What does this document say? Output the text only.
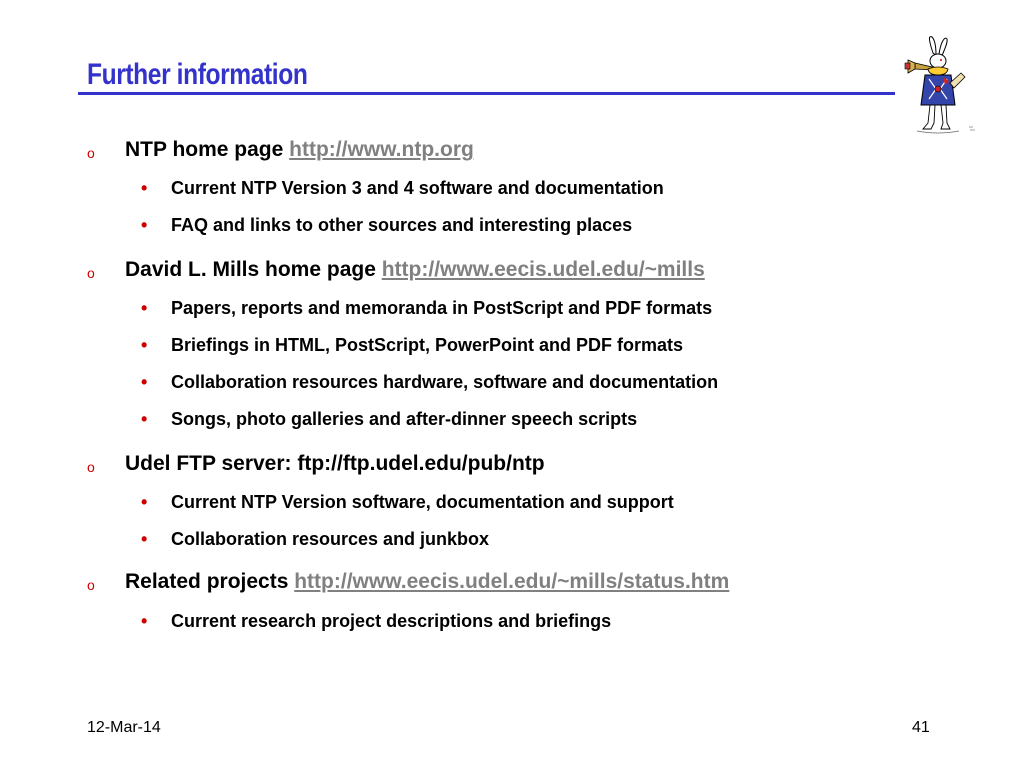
Further information
o NTP home page http://www.ntp.org
• Current NTP Version 3 and 4 software and documentation
• FAQ and links to other sources and interesting places
o David L. Mills home page http://www.eecis.udel.edu/~mills
• Papers, reports and memoranda in PostScript and PDF formats
• Briefings in HTML, PostScript, PowerPoint and PDF formats
• Collaboration resources hardware, software and documentation
• Songs, photo galleries and after-dinner speech scripts
o Udel FTP server: ftp://ftp.udel.edu/pub/ntp
• Current NTP Version software, documentation and support
• Collaboration resources and junkbox
o Related projects http://www.eecis.udel.edu/~mills/status.htm
• Current research project descriptions and briefings
12-Mar-14	41
